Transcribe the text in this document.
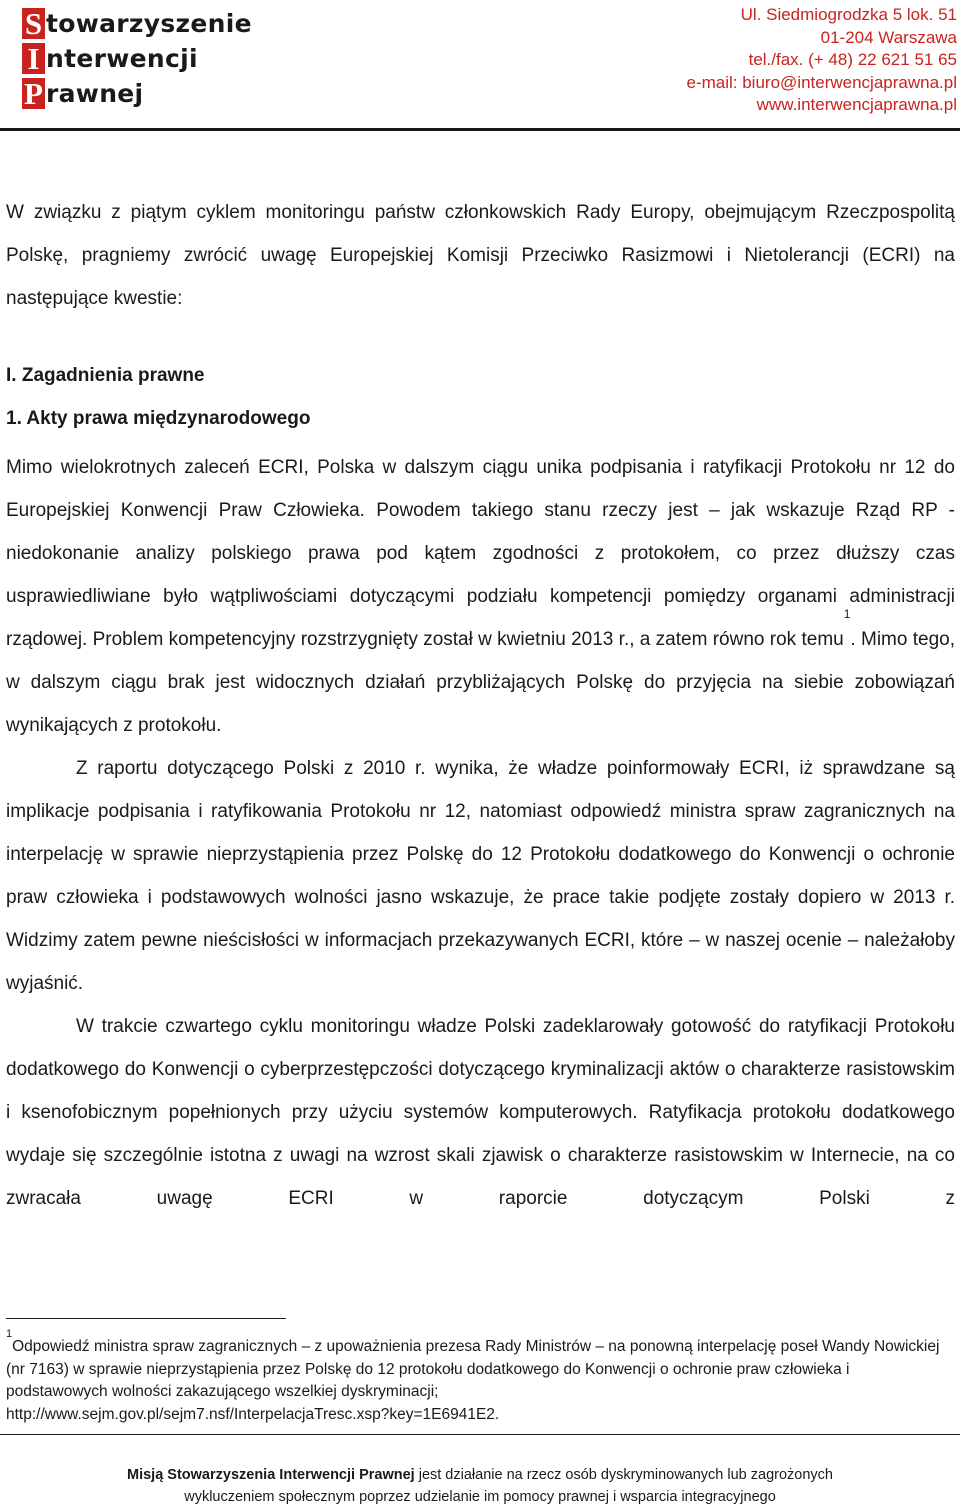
S towarzyszenie
I nterwencji
P rawnej
Ul. Siedmiogrodzka 5 lok. 51
01-204 Warszawa
tel./fax. (+ 48) 22 621 51 65
e-mail: biuro@interwencjaprawna.pl
www.interwencjaprawna.pl

W związku z piątym cyklem monitoringu państw członkowskich Rady Europy, obejmującym Rzeczpospolitą Polskę, pragniemy zwrócić uwagę Europejskiej Komisji Przeciwko Rasizmowi i Nietolerancji (ECRI) na następujące kwestie:

I. Zagadnienia prawne
1. Akty prawa międzynarodowego

Mimo wielokrotnych zaleceń ECRI, Polska w dalszym ciągu unika podpisania i ratyfikacji Protokołu nr 12 do Europejskiej Konwencji Praw Człowieka. Powodem takiego stanu rzeczy jest – jak wskazuje Rząd RP - niedokonanie analizy polskiego prawa pod kątem zgodności z protokołem, co przez dłuższy czas usprawiedliwiane było wątpliwościami dotyczącymi podziału kompetencji pomiędzy organami administracji rządowej. Problem kompetencyjny rozstrzygnięty został w kwietniu 2013 r., a zatem równo rok temu$^1$. Mimo tego, w dalszym ciągu brak jest widocznych działań przybliżających Polskę do przyjęcia na siebie zobowiązań wynikających z protokołu.

Z raportu dotyczącego Polski z 2010 r. wynika, że władze poinformowały ECRI, iż sprawdzane są implikacje podpisania i ratyfikowania Protokołu nr 12, natomiast odpowiedź ministra spraw zagranicznych na interpelację w sprawie nieprzystąpienia przez Polskę do 12 Protokołu dodatkowego do Konwencji o ochronie praw człowieka i podstawowych wolności jasno wskazuje, że prace takie podjęte zostały dopiero w 2013 r. Widzimy zatem pewne nieścisłości w informacjach przekazywanych ECRI, które – w naszej ocenie – należałoby wyjaśnić.

W trakcie czwartego cyklu monitoringu władze Polski zadeklarowały gotowość do ratyfikacji Protokołu dodatkowego do Konwencji o cyberprzestępczości dotyczącego kryminalizacji aktów o charakterze rasistowskim i ksenofobicznym popełnionych przy użyciu systemów komputerowych. Ratyfikacja protokołu dodatkowego wydaje się szczególnie istotna z uwagi na wzrost skali zjawisk o charakterze rasistowskim w Internecie, na co zwracała uwagę ECRI w raporcie dotyczącym Polski z

$^1$Odpowiedź ministra spraw zagranicznych – z upoważnienia prezesa Rady Ministrów – na ponowną interpelację poseł Wandy Nowickiej (nr 7163) w sprawie nieprzystąpienia przez Polskę do 12 protokołu dodatkowego do Konwencji o ochronie praw człowieka i podstawowych wolności zakazującego wszelkiej dyskryminacji;
http://www.sejm.gov.pl/sejm7.nsf/InterpelacjaTresc.xsp?key=1E6941E2.
Misją Stowarzyszenia Interwencji Prawnej jest działanie na rzecz osób dyskryminowanych lub zagrożonych
wykluczeniem społecznym poprzez udzielanie im pomocy prawnej i wsparcia integracyjnego
